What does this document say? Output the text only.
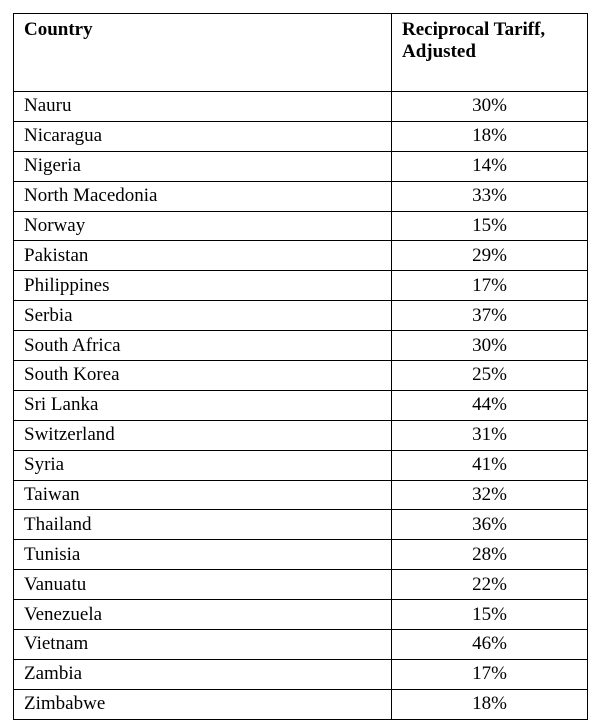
Country	Reciprocal Tariff,
Adjusted

Nauru	30%
Nicaragua	18%
Nigeria	14%
North Macedonia	33%
Norway	15%
Pakistan	29%
Philippines	17%
Serbia	37%
South Africa	30%
South Korea	25%
Sri Lanka	44%
Switzerland	31%
Syria	41%
Taiwan	32%
Thailand	36%
Tunisia	28%
Vanuatu	22%
Venezuela	15%
Vietnam	46%
Zambia	17%
Zimbabwe	18%
